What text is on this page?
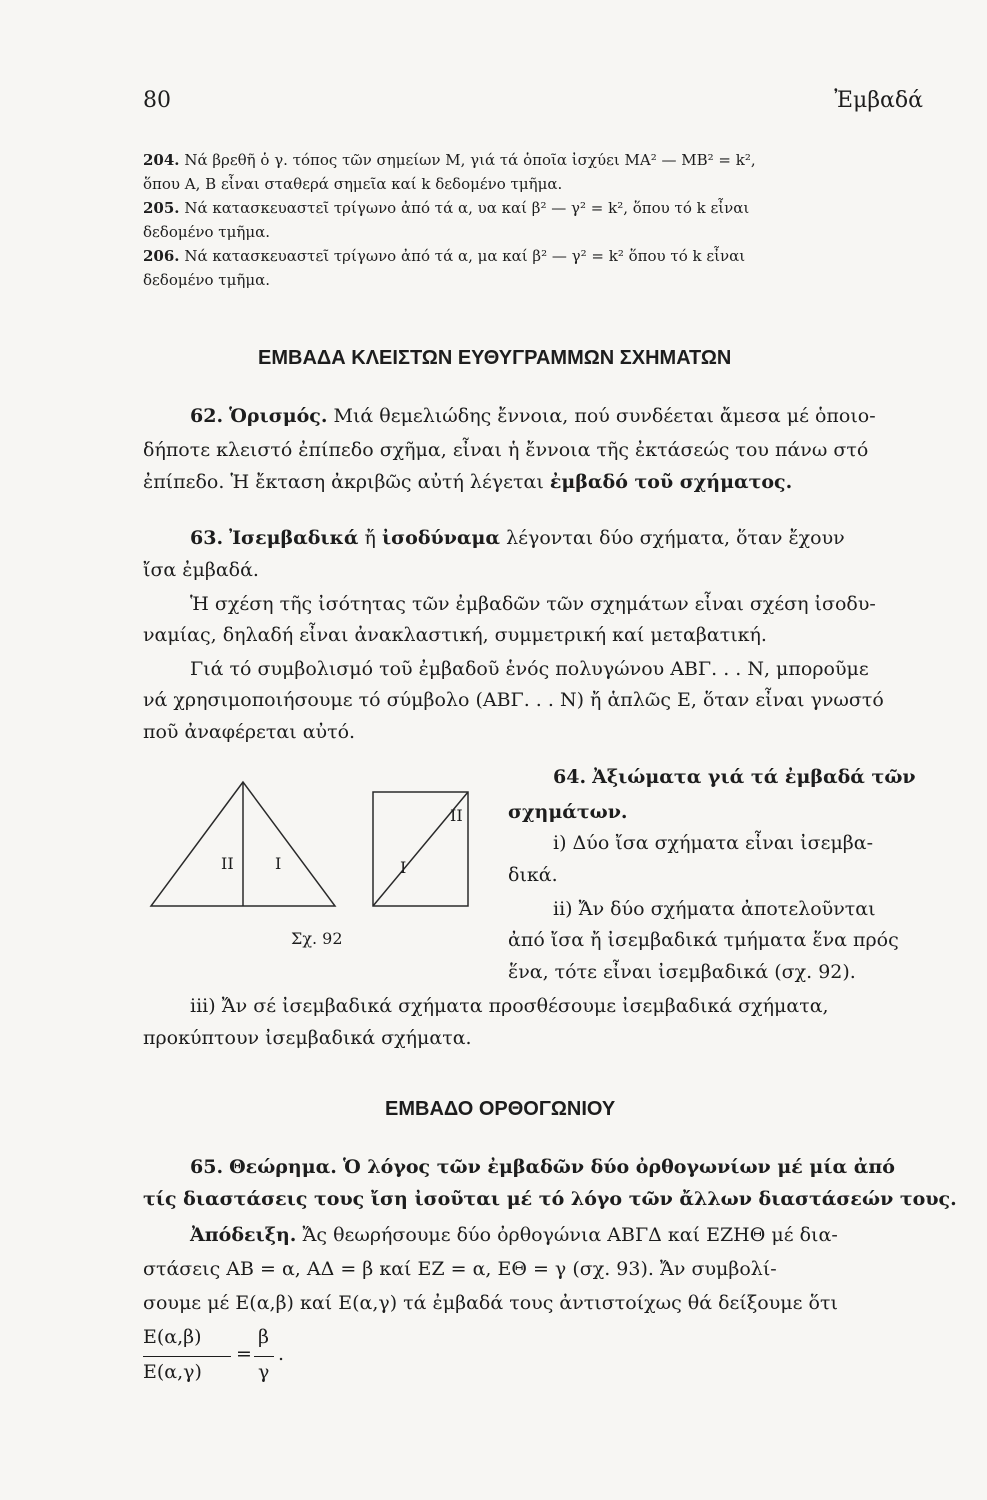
80	Ἐμβαδά
204. Νά βρεθῆ ὁ γ. τόπος τῶν σημείων Μ, γιά τά ὁποῖα ἰσχύει ΜΑ² — ΜΒ² = k²,
ὅπου Α, Β εἶναι σταθερά σημεῖα καί k δεδομένο τμῆμα.
205. Νά κατασκευαστεῖ τρίγωνο ἀπό τά α, υα καί β² — γ² = k², ὅπου τό k εἶναι
δεδομένο τμῆμα.
206. Νά κατασκευαστεῖ τρίγωνο ἀπό τά α, μα καί β² — γ² = k² ὅπου τό k εἶναι
δεδομένο τμῆμα.
ΕΜΒΑΔΑ ΚΛΕΙΣΤΩΝ ΕΥΘΥΓΡΑΜΜΩΝ ΣΧΗΜΑΤΩΝ
62. Ὁρισμός. Μιά θεμελιώδης ἔννοια, πού συνδέεται ἄμεσα μέ ὁποιο-
δήποτε κλειστό ἐπίπεδο σχῆμα, εἶναι ἡ ἔννοια τῆς ἐκτάσεώς του πάνω στό
ἐπίπεδο. Ἡ ἔκταση ἀκριβῶς αὐτή λέγεται ἐμβαδό τοῦ σχήματος.
63. Ἰσεμβαδικά ἤ ἰσοδύναμα λέγονται δύο σχήματα, ὅταν ἔχουν
ἴσα ἐμβαδά.
Ἡ σχέση τῆς ἰσότητας τῶν ἐμβαδῶν τῶν σχημάτων εἶναι σχέση ἰσοδυ-
ναμίας, δηλαδή εἶναι ἀνακλαστική, συμμετρική καί μεταβατική.
Γιά τό συμβολισμό τοῦ ἐμβαδοῦ ἑνός πολυγώνου ΑΒΓ. . . Ν, μποροῦμε
νά χρησιμοποιήσουμε τό σύμβολο (ΑΒΓ. . . Ν) ἤ ἁπλῶς Ε, ὅταν εἶναι γνωστό
ποῦ ἀναφέρεται αὐτό.
II	I
II
I
Σχ. 92
64. Ἀξιώματα γιά τά ἐμβαδά τῶν
σχημάτων.
i) Δύο ἴσα σχήματα εἶναι ἰσεμβα-
δικά.
ii) Ἄν δύο σχήματα ἀποτελοῦνται
ἀπό ἴσα ἤ ἰσεμβαδικά τμήματα ἕνα πρός
ἕνα, τότε εἶναι ἰσεμβαδικά (σχ. 92).
iii) Ἄν σέ ἰσεμβαδικά σχήματα προσθέσουμε ἰσεμβαδικά σχήματα,
προκύπτουν ἰσεμβαδικά σχήματα.
ΕΜΒΑΔΟ ΟΡΘΟΓΩΝΙΟΥ
65. Θεώρημα. Ὁ λόγος τῶν ἐμβαδῶν δύο ὀρθογωνίων μέ μία ἀπό
τίς διαστάσεις τους ἴση ἰσοῦται μέ τό λόγο τῶν ἄλλων διαστάσεών τους.
Ἀπόδειξη. Ἄς θεωρήσουμε δύο ὀρθογώνια ΑΒΓΔ καί ΕΖΗΘ μέ δια-
στάσεις ΑΒ = α, ΑΔ = β καί ΕΖ = α, ΕΘ = γ (σχ. 93). Ἄν συμβολί-
σουμε μέ Ε(α,β) καί Ε(α,γ) τά ἐμβαδά τους ἀντιστοίχως θά δείξουμε ὅτι
Ε(α,β)
Ε(α,γ)
=
β
γ
.
